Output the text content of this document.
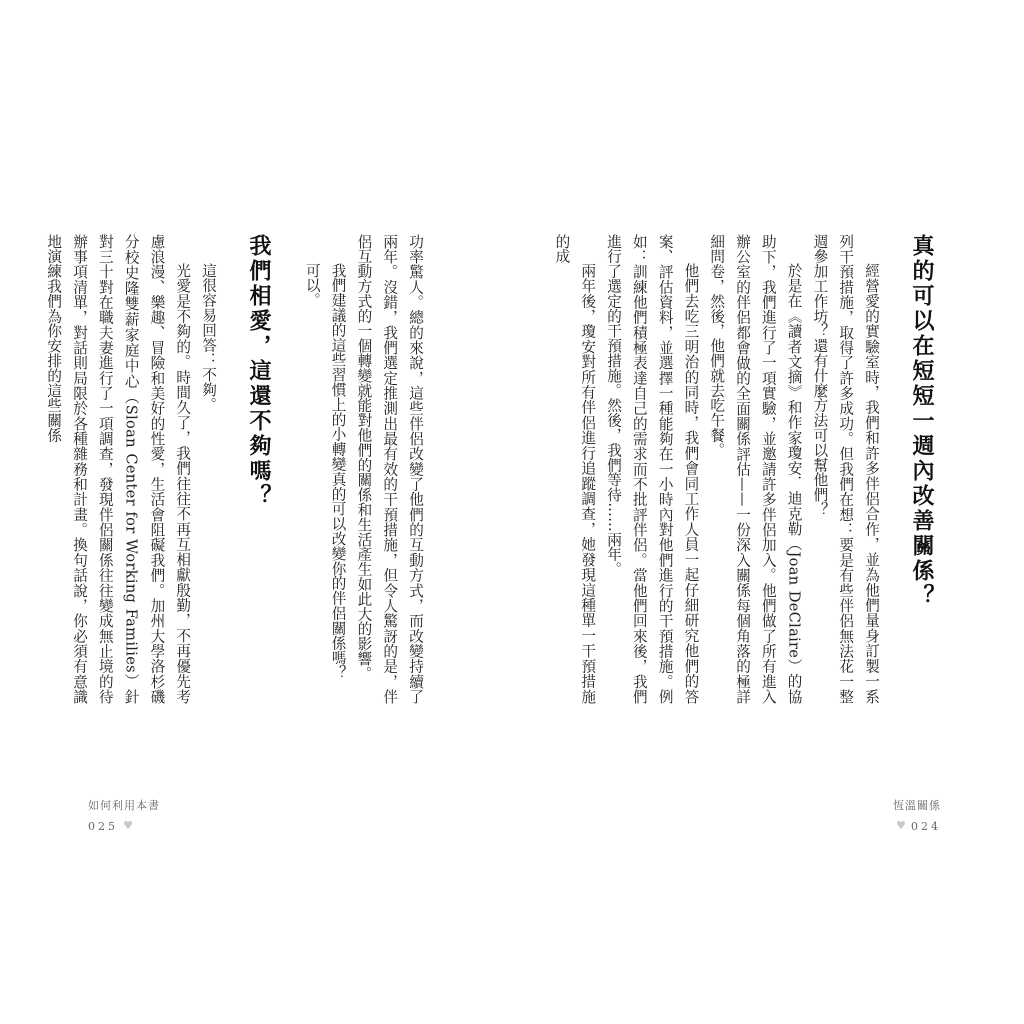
真的可以在短短一週內改善關係？

經營愛的實驗室時，我們和許多伴侶合作，並為他們量身訂製一系列干預措施，取得了許多成功。但我們在想：要是有些伴侶無法花一整週參加工作坊？還有什麼方法可以幫他們？

於是在《讀者文摘》和作家瓊安．迪克勒（Joan DeClaire）的協助下，我們進行了一項實驗，並邀請許多伴侶加入。他們做了所有進入辦公室的伴侶都會做的全面關係評估——一份深入關係每個角落的極詳細問卷，然後，他們就去吃午餐。

他們去吃三明治的同時，我們會同工作人員一起仔細研究他們的答案、評估資料，並選擇一種能夠在一小時內對他們進行的干預措施。例如：訓練他們積極表達自己的需求而不批評伴侶。當他們回來後，我們進行了選定的干預措施。然後，我們等待……兩年。

兩年後，瓊安對所有伴侶進行追蹤調查，她發現這種單一干預措施的成

恆溫關係
♥ 024

功率驚人。總的來說，這些伴侶改變了他們的互動方式，而改變持續了兩年。沒錯，我們選定推測出最有效的干預措施，但令人驚訝的是，伴侶互動方式的一個轉變就能對他們的關係和生活產生如此大的影響。

我們建議的這些習慣上的小轉變真的可以改變你的伴侶關係嗎？

可以。

我們相愛，這還不夠嗎？

這很容易回答：不夠。

光愛是不夠的。時間久了，我們往往不再互相獻殷勤，不再優先考慮浪漫、樂趣、冒險和美好的性愛，生活會阻礙我們。加州大學洛杉磯分校史隆雙薪家庭中心（Sloan Center for Working Families）針對三十對在職夫妻進行了一項調查，發現伴侶關係往往變成無止境的待辦事項清單，對話則局限於各種雜務和計畫。換句話說，你必須有意識地演練我們為你安排的這些關係

如何利用本書
025 ♥
